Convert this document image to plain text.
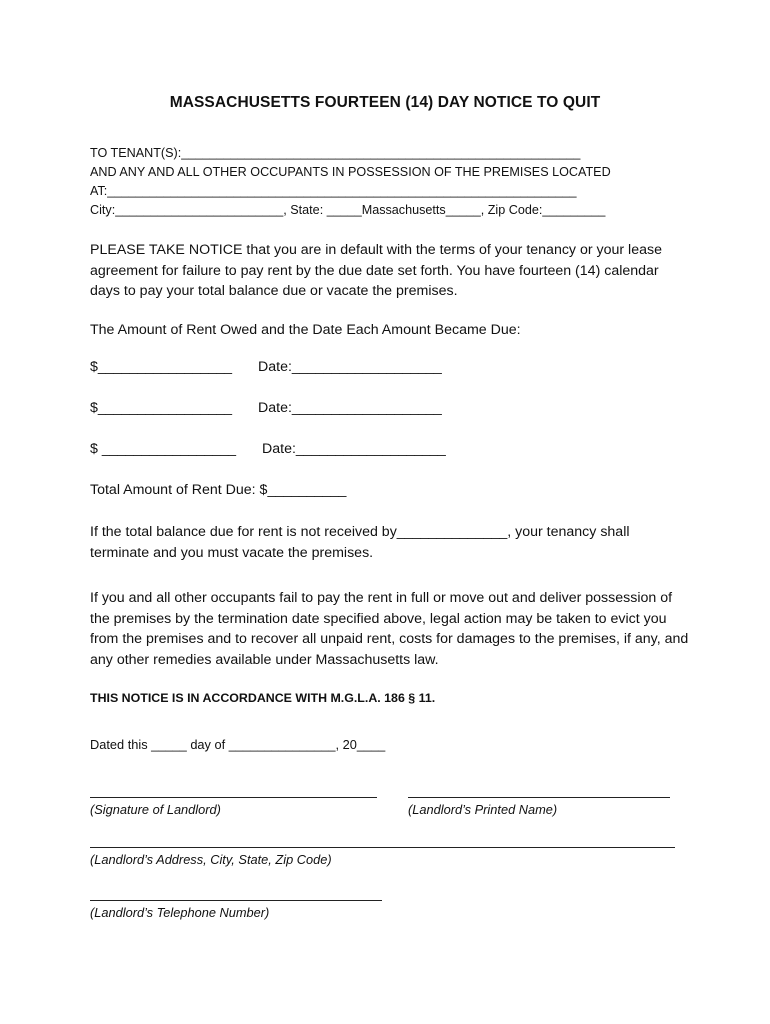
MASSACHUSETTS FOURTEEN (14) DAY NOTICE TO QUIT
TO TENANT(S):_________________________________________________________
AND ANY AND ALL OTHER OCCUPANTS IN POSSESSION OF THE PREMISES LOCATED
AT:___________________________________________________________________
City:________________________, State: _____Massachusetts_____, Zip Code:_________
PLEASE TAKE NOTICE that you are in default with the terms of your tenancy or your lease agreement for failure to pay rent by the due date set forth. You have fourteen (14) calendar days to pay your total balance due or vacate the premises.
The Amount of Rent Owed and the Date Each Amount Became Due:
$_________________ Date:___________________
$_________________ Date:___________________
$ _________________ Date:___________________
Total Amount of Rent Due: $__________
If the total balance due for rent is not received by______________, your tenancy shall terminate and you must vacate the premises.
If you and all other occupants fail to pay the rent in full or move out and deliver possession of the premises by the termination date specified above, legal action may be taken to evict you from the premises and to recover all unpaid rent, costs for damages to the premises, if any, and any other remedies available under Massachusetts law.
THIS NOTICE IS IN ACCORDANCE WITH M.G.L.A. 186 § 11.
Dated this _____ day of _______________, 20____
(Signature of Landlord)	(Landlord’s Printed Name)
(Landlord’s Address, City, State, Zip Code)
(Landlord’s Telephone Number)
